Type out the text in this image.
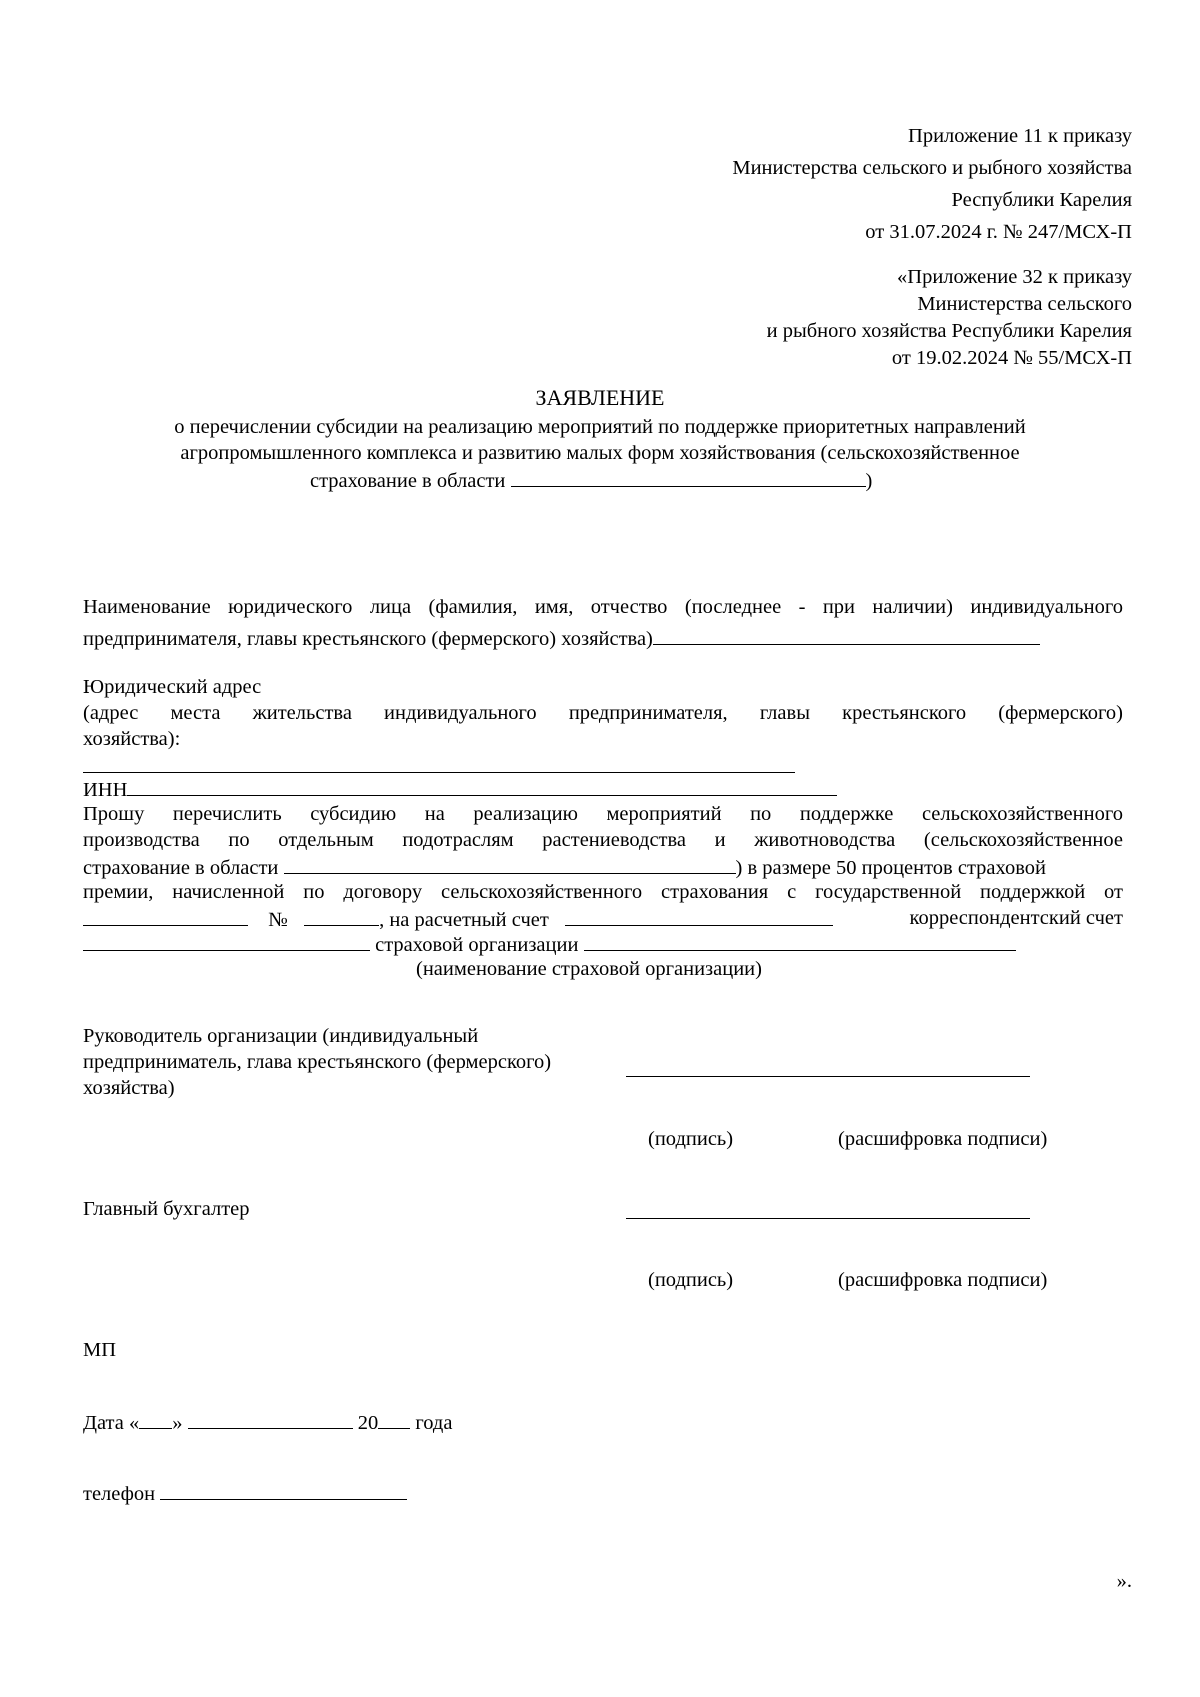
Приложение 11 к приказу
Министерства сельского и рыбного хозяйства
Республики Карелия
от 31.07.2024 г. № 247/МСХ-П
«Приложение 32 к приказу
Министерства сельского
и рыбного хозяйства Республики Карелия
от 19.02.2024 № 55/МСХ-П
ЗАЯВЛЕНИЕ
о перечислении субсидии на реализацию мероприятий по поддержке приоритетных направлений
агропромышленного комплекса и развитию малых форм хозяйствования (сельскохозяйственное
страхование в области	)
Наименование юридического лица (фамилия, имя, отчество (последнее - при наличии) индивидуального
предпринимателя, главы крестьянского (фермерского) хозяйства)
Юридический адрес
(адрес места жительства индивидуального предпринимателя, главы крестьянского (фермерского)
хозяйства):
ИНН
Прошу перечислить субсидию на реализацию мероприятий по поддержке сельскохозяйственного
производства по отдельным подотраслям растениеводства и животноводства (сельскохозяйственное
страхование в области	) в размере 50 процентов страховой
премии, начисленной по договору сельскохозяйственного страхования с государственной поддержкой от
№	, на расчетный счет	корреспондентский счет
страховой организации
(наименование страховой организации)
Руководитель организации (индивидуальный
предприниматель, глава крестьянского (фермерского)
хозяйства)
(подпись)	(расшифровка подписи)
Главный бухгалтер
(подпись)	(расшифровка подписи)
МП
Дата « »	20 года
телефон
».
